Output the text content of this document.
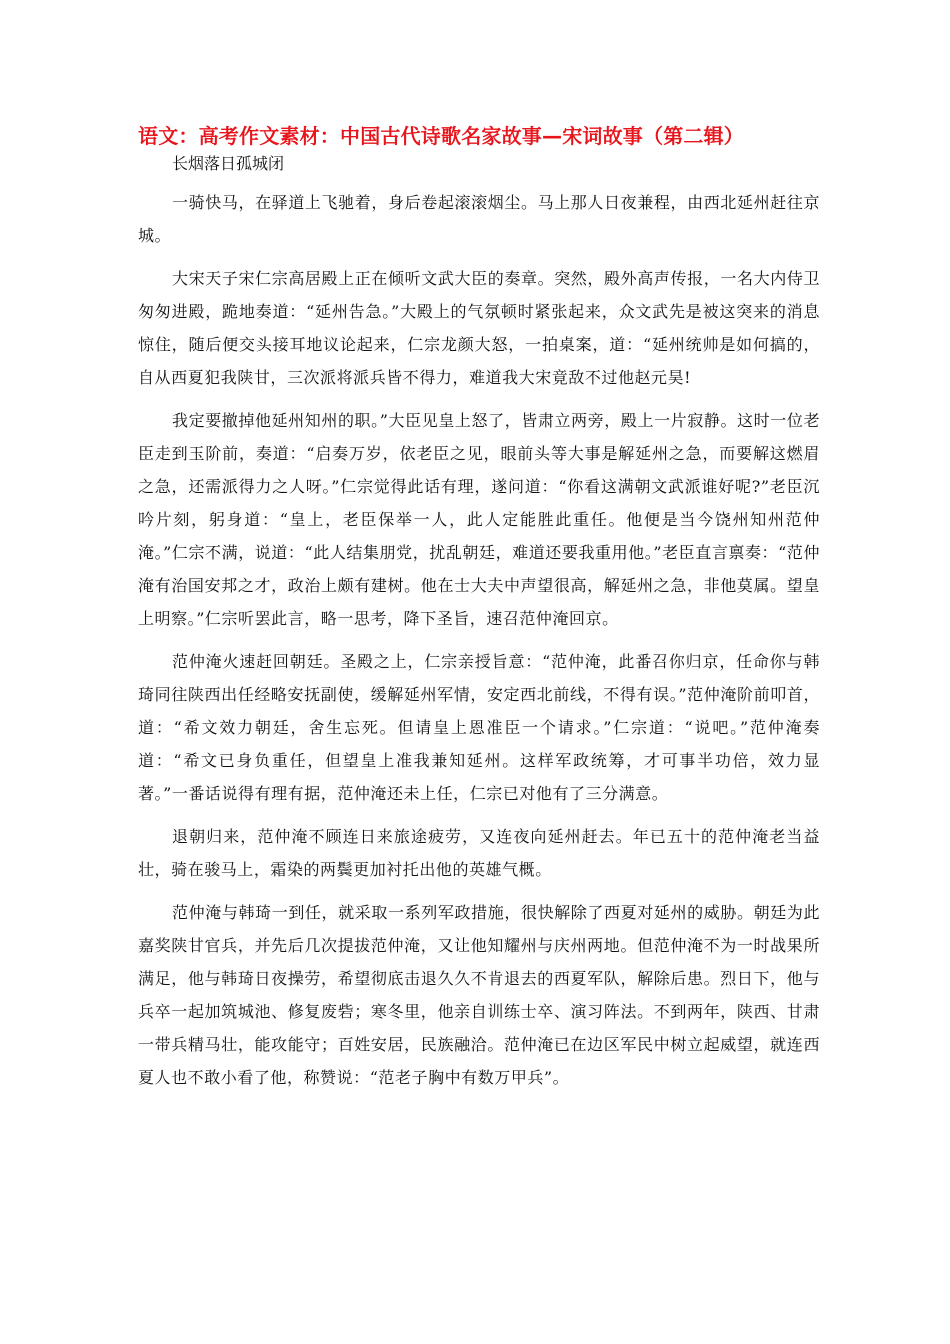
语文：高考作文素材：中国古代诗歌名家故事—宋词故事（第二辑）
长烟落日孤城闭

一骑快马，在驿道上飞驰着，身后卷起滚滚烟尘。马上那人日夜兼程，由西北延州赶往京城。

大宋天子宋仁宗高居殿上正在倾听文武大臣的奏章。突然，殿外高声传报，一名大内侍卫匆匆进殿，跪地奏道：“延州告急。”大殿上的气氛顿时紧张起来，众文武先是被这突来的消息惊住，随后便交头接耳地议论起来，仁宗龙颜大怒，一拍桌案，道：“延州统帅是如何搞的，自从西夏犯我陕甘，三次派将派兵皆不得力，难道我大宋竟敌不过他赵元昊!

我定要撤掉他延州知州的职。”大臣见皇上怒了，皆肃立两旁，殿上一片寂静。这时一位老臣走到玉阶前，奏道：“启奏万岁，依老臣之见，眼前头等大事是解延州之急，而要解这燃眉之急，还需派得力之人呀。”仁宗觉得此话有理，遂问道：“你看这满朝文武派谁好呢?”老臣沉吟片刻，躬身道：“皇上，老臣保举一人，此人定能胜此重任。他便是当今饶州知州范仲淹。”仁宗不满，说道：“此人结集朋党，扰乱朝廷，难道还要我重用他。”老臣直言禀奏：“范仲淹有治国安邦之才，政治上颇有建树。他在士大夫中声望很高，解延州之急，非他莫属。望皇上明察。”仁宗听罢此言，略一思考，降下圣旨，速召范仲淹回京。

范仲淹火速赶回朝廷。圣殿之上，仁宗亲授旨意：“范仲淹，此番召你归京，任命你与韩琦同往陕西出任经略安抚副使，缓解延州军情，安定西北前线，不得有误。”范仲淹阶前叩首，道：“希文效力朝廷，舍生忘死。但请皇上恩准臣一个请求。”仁宗道：“说吧。”范仲淹奏道：“希文已身负重任，但望皇上准我兼知延州。这样军政统筹，才可事半功倍，效力显著。”一番话说得有理有据，范仲淹还未上任，仁宗已对他有了三分满意。

退朝归来，范仲淹不顾连日来旅途疲劳，又连夜向延州赶去。年已五十的范仲淹老当益壮，骑在骏马上，霜染的两鬓更加衬托出他的英雄气概。

范仲淹与韩琦一到任，就采取一系列军政措施，很快解除了西夏对延州的威胁。朝廷为此嘉奖陕甘官兵，并先后几次提拔范仲淹，又让他知耀州与庆州两地。但范仲淹不为一时战果所满足，他与韩琦日夜操劳，希望彻底击退久久不肯退去的西夏军队，解除后患。烈日下，他与兵卒一起加筑城池、修复废砦；寒冬里，他亲自训练士卒、演习阵法。不到两年，陕西、甘肃一带兵精马壮，能攻能守；百姓安居，民族融洽。范仲淹已在边区军民中树立起威望，就连西夏人也不敢小看了他，称赞说：“范老子胸中有数万甲兵”。
